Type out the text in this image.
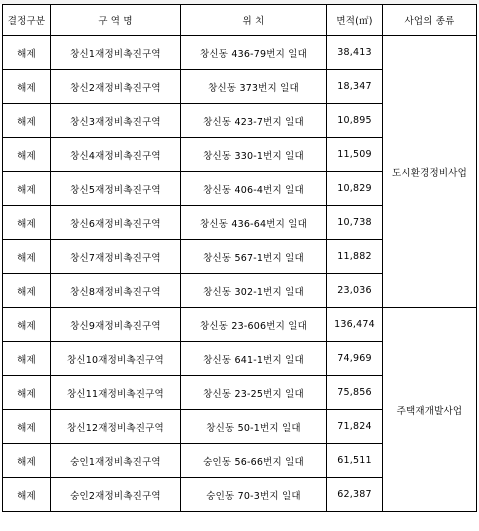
결정구분	구 역 명	위 치	면적(㎡)	사업의 종류
해제	창신1재정비촉진구역	창신동 436-79번지 일대	38,413	도시환경정비사업
해제	창신2재정비촉진구역	창신동 373번지 일대	18,347	
해제	창신3재정비촉진구역	창신동 423-7번지 일대	10,895	
해제	창신4재정비촉진구역	창신동 330-1번지 일대	11,509	
해제	창신5재정비촉진구역	창신동 406-4번지 일대	10,829	
해제	창신6재정비촉진구역	창신동 436-64번지 일대	10,738	
해제	창신7재정비촉진구역	창신동 567-1번지 일대	11,882	
해제	창신8재정비촉진구역	창신동 302-1번지 일대	23,036	
해제	창신9재정비촉진구역	창신동 23-606번지 일대	136,474	주택재개발사업
해제	창신10재정비촉진구역	창신동 641-1번지 일대	74,969	
해제	창신11재정비촉진구역	창신동 23-25번지 일대	75,856	
해제	창신12재정비촉진구역	창신동 50-1번지 일대	71,824	
해제	숭인1재정비촉진구역	숭인동 56-66번지 일대	61,511	
해제	숭인2재정비촉진구역	숭인동 70-3번지 일대	62,387	
